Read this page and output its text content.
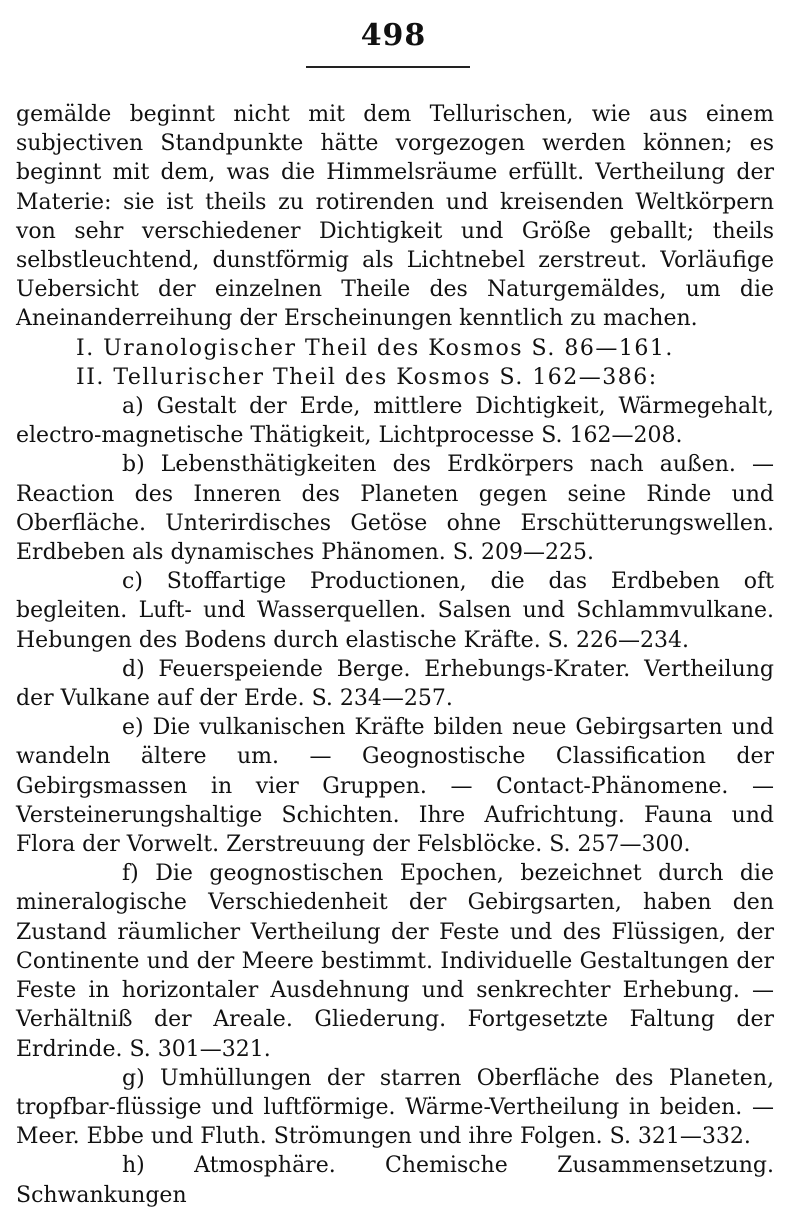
498

gemälde beginnt nicht mit dem Tellurischen, wie aus einem subjectiven Standpunkte hätte vorgezogen werden können; es beginnt mit dem, was die Himmelsräume erfüllt. Vertheilung der Materie: sie ist theils zu rotirenden und kreisenden Weltkörpern von sehr verschiedener Dichtigkeit und Größe geballt; theils selbstleuchtend, dunstförmig als Lichtnebel zerstreut. Vorläufige Uebersicht der einzelnen Theile des Naturgemäldes, um die Aneinanderreihung der Erscheinungen kenntlich zu machen.

I. Uranologischer Theil des Kosmos S. 86—161.

II. Tellurischer Theil des Kosmos S. 162—386:

a) Gestalt der Erde, mittlere Dichtigkeit, Wärmegehalt, electro-magnetische Thätigkeit, Lichtprocesse S. 162—208.

b) Lebensthätigkeiten des Erdkörpers nach außen. — Reaction des Inneren des Planeten gegen seine Rinde und Oberfläche. Unterirdisches Getöse ohne Erschütterungswellen. Erdbeben als dynamisches Phänomen. S. 209—225.

c) Stoffartige Productionen, die das Erdbeben oft begleiten. Luft- und Wasserquellen. Salsen und Schlammvulkane. Hebungen des Bodens durch elastische Kräfte. S. 226—234.

d) Feuerspeiende Berge. Erhebungs-Krater. Vertheilung der Vulkane auf der Erde. S. 234—257.

e) Die vulkanischen Kräfte bilden neue Gebirgsarten und wandeln ältere um. — Geognostische Classification der Gebirgsmassen in vier Gruppen. — Contact-Phänomene. — Versteinerungshaltige Schichten. Ihre Aufrichtung. Fauna und Flora der Vorwelt. Zerstreuung der Felsblöcke. S. 257—300.

f) Die geognostischen Epochen, bezeichnet durch die mineralogische Verschiedenheit der Gebirgsarten, haben den Zustand räumlicher Vertheilung der Feste und des Flüssigen, der Continente und der Meere bestimmt. Individuelle Gestaltungen der Feste in horizontaler Ausdehnung und senkrechter Erhebung. — Verhältniß der Areale. Gliederung. Fortgesetzte Faltung der Erdrinde. S. 301—321.

g) Umhüllungen der starren Oberfläche des Planeten, tropfbar-flüssige und luftförmige. Wärme-Vertheilung in beiden. — Meer. Ebbe und Fluth. Strömungen und ihre Folgen. S. 321—332.

h) Atmosphäre. Chemische Zusammensetzung. Schwankungen
